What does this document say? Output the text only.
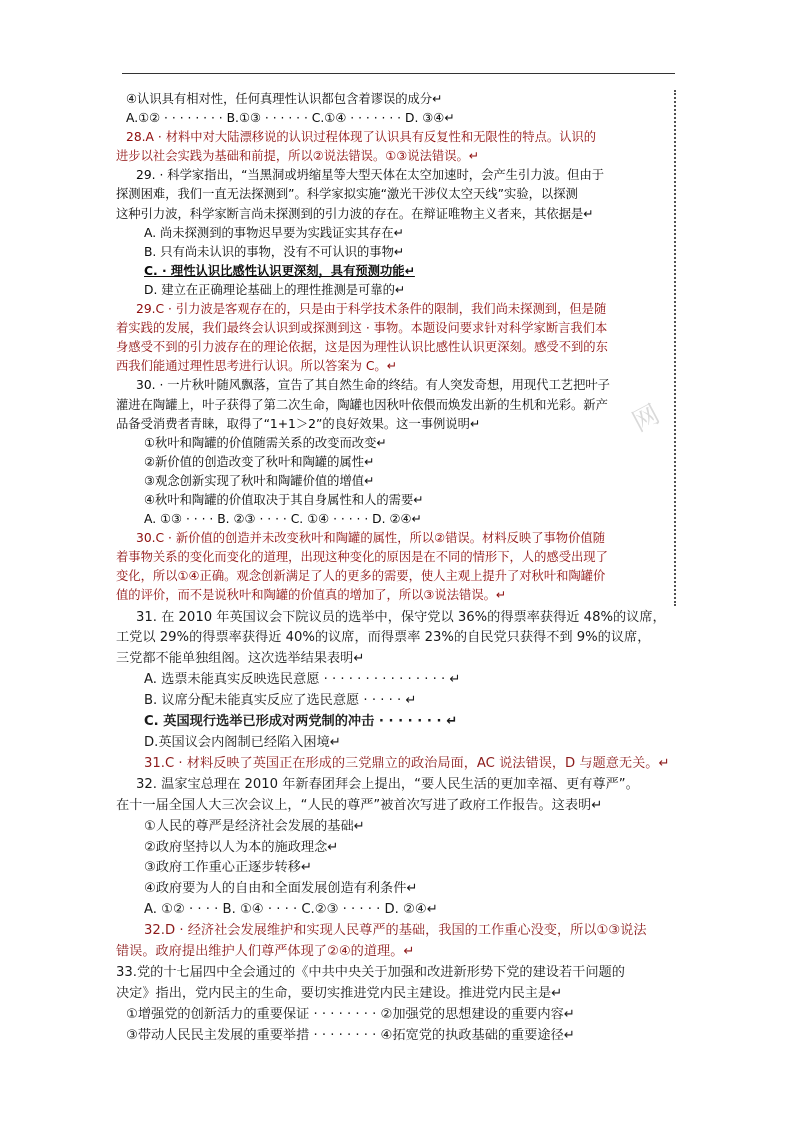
④认识具有相对性，任何真理性认识都包含着谬误的成分↵

A.①② · · · · · · · · B.①③ · · · · · · C.①④ · · · · · · · D. ③④↵

28.A · 材料中对大陆漂移说的认识过程体现了认识具有反复性和无限性的特点。认识的

进步以社会实践为基础和前提，所以②说法错误。①③说法错误。↵

29. · 科学家指出，“当黑洞或坍缩星等大型天体在太空加速时，会产生引力波。但由于

探测困难，我们一直无法探测到”。科学家拟实施“激光干涉仪太空天线”实验，以探测

这种引力波，科学家断言尚未探测到的引力波的存在。在辩证唯物主义者来，其依据是↵

A. 尚未探测到的事物迟早要为实践证实其存在↵

B. 只有尚未认识的事物，没有不可认识的事物↵

C. · 理性认识比感性认识更深刻，具有预测功能↵

D. 建立在正确理论基础上的理性推测是可靠的↵

29.C · 引力波是客观存在的，只是由于科学技术条件的限制，我们尚未探测到，但是随

着实践的发展，我们最终会认识到或探测到这 · 事物。本题设问要求针对科学家断言我们本

身感受不到的引力波存在的理论依据，这是因为理性认识比感性认识更深刻。感受不到的东

西我们能通过理性思考进行认识。所以答案为 C。↵

30. · 一片秋叶随风飘落，宣告了其自然生命的终结。有人突发奇想，用现代工艺把叶子

灌进在陶罐上，叶子获得了第二次生命，陶罐也因秋叶依偎而焕发出新的生机和光彩。新产

品备受消费者青睐，取得了“1+1＞2”的良好效果。这一事例说明↵

①秋叶和陶罐的价值随需关系的改变而改变↵

②新价值的创造改变了秋叶和陶罐的属性↵

③观念创新实现了秋叶和陶罐价值的增值↵

④秋叶和陶罐的价值取决于其自身属性和人的需要↵

A. ①③ · · · · B. ②③ · · · · C. ①④ · · · · · D. ②④↵

30.C · 新价值的创造并未改变秋叶和陶罐的属性，所以②错误。材料反映了事物价值随

着事物关系的变化而变化的道理，出现这种变化的原因是在不同的情形下，人的感受出现了

变化，所以①④正确。观念创新满足了人的更多的需要，使人主观上提升了对秋叶和陶罐价

值的评价，而不是说秋叶和陶罐的价值真的增加了，所以③说法错误。↵

31. 在 2010 年英国议会下院议员的选举中，保守党以 36%的得票率获得近 48%的议席，

工党以 29%的得票率获得近 40%的议席，而得票率 23%的自民党只获得不到 9%的议席，

三党都不能单独组阁。这次选举结果表明↵

A. 选票未能真实反映选民意愿 · · · · · · · · · · · · · · · ↵

B. 议席分配未能真实反应了选民意愿 · · · · · ↵

C. 英国现行选举已形成对两党制的冲击 · · · · · · · ↵

D.英国议会内阁制已经陷入困境↵

31.C · 材料反映了英国正在形成的三党鼎立的政治局面，AC 说法错误，D 与题意无关。↵

32. 温家宝总理在 2010 年新春团拜会上提出，“要人民生活的更加幸福、更有尊严”。

在十一届全国人大三次会议上，“人民的尊严”被首次写进了政府工作报告。这表明↵

①人民的尊严是经济社会发展的基础↵

②政府坚持以人为本的施政理念↵

③政府工作重心正逐步转移↵

④政府要为人的自由和全面发展创造有利条件↵

A. ①② · · · · B. ①④ · · · · C.②③ · · · · · D. ②④↵

32.D · 经济社会发展维护和实现人民尊严的基础，我国的工作重心没变，所以①③说法

错误。政府提出维护人们尊严体现了②④的道理。↵

33.党的十七届四中全会通过的《中共中央关于加强和改进新形势下党的建设若干问题的

决定》指出，党内民主的生命，要切实推进党内民主建设。推进党内民主是↵

①增强党的创新活力的重要保证 · · · · · · · · ②加强党的思想建设的重要内容↵

③带动人民民主发展的重要举措 · · · · · · · · ④拓宽党的执政基础的重要途径↵

网
